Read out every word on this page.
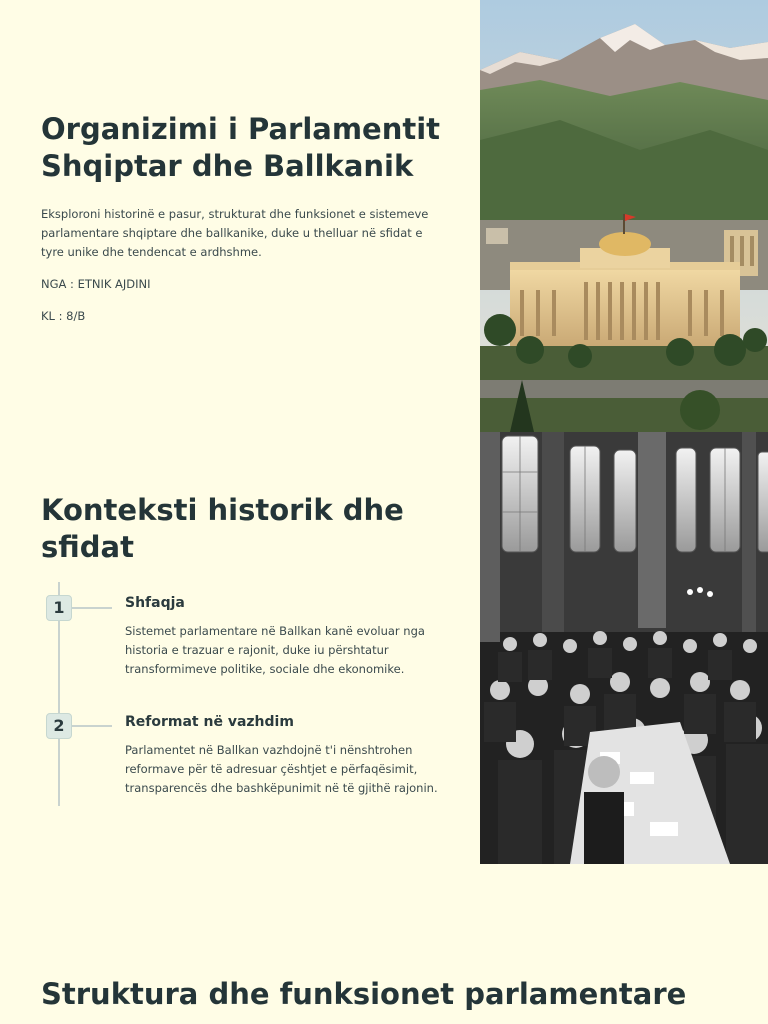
Organizimi i Parlamentit Shqiptar dhe Ballkanik

Eksploroni historinë e pasur, strukturat dhe funksionet e sistemeve parlamentare shqiptare dhe ballkanike, duke u thelluar në sfidat e tyre unike dhe tendencat e ardhshme.

NGA : ETNIK AJDINI

KL : 8/B

Konteksti historik dhe sfidat
1	Shfaqja

Sistemet parlamentare në Ballkan kanë evoluar nga historia e trazuar e rajonit, duke iu përshtatur transformimeve politike, sociale dhe ekonomike.

2	Reformat në vazhdim

Parlamentet në Ballkan vazhdojnë t'i nënshtrohen reformave për të adresuar çështjet e përfaqësimit, transparencës dhe bashkëpunimit në të gjithë rajonin.

Struktura dhe funksionet parlamentare
